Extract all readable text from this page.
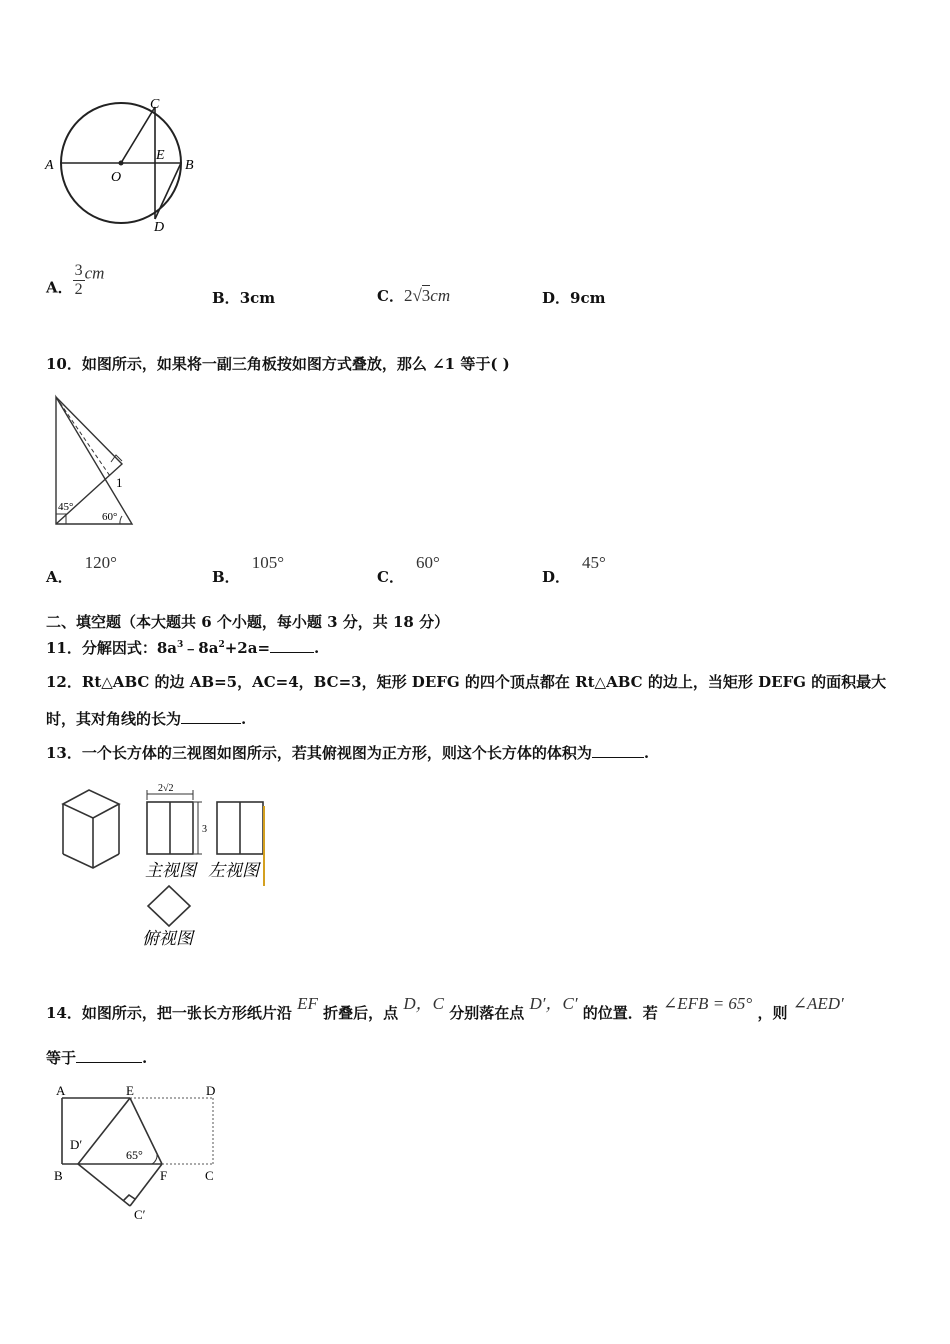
A
O
C
E
B
D
A． $\frac{3}{2}$ cm
B．3cm	C．2√3cm	D．9cm
10．如图所示，如果将一副三角板按如图方式叠放，那么 ∠1 等于( )
1
45°
60°
A．120°
B．105°
C．60°
D．45°
二、填空题（本大题共 6 个小题，每小题 3 分，共 18 分）
11．分解因式：$8a^3﹣8a^2+2a=$	.
12．Rt△ABC 的边 AB=5，AC=4，BC=3，矩形 DEFG 的四个顶点都在 Rt△ABC 的边上，当矩形 DEFG 的面积最大
时，其对角线的长为	.
13．一个长方体的三视图如图所示，若其俯视图为正方形，则这个长方体的体积为	.
2√2
3
主视图 左视图
俯视图
14．如图所示，把一张长方形纸片沿 EF 折叠后，点 D，C 分别落在点 D′，C′ 的位置．若 ∠EFB = 65° ，则 ∠AED′
等于	.
A	E	D
D′
65°
B	F	C
C′
